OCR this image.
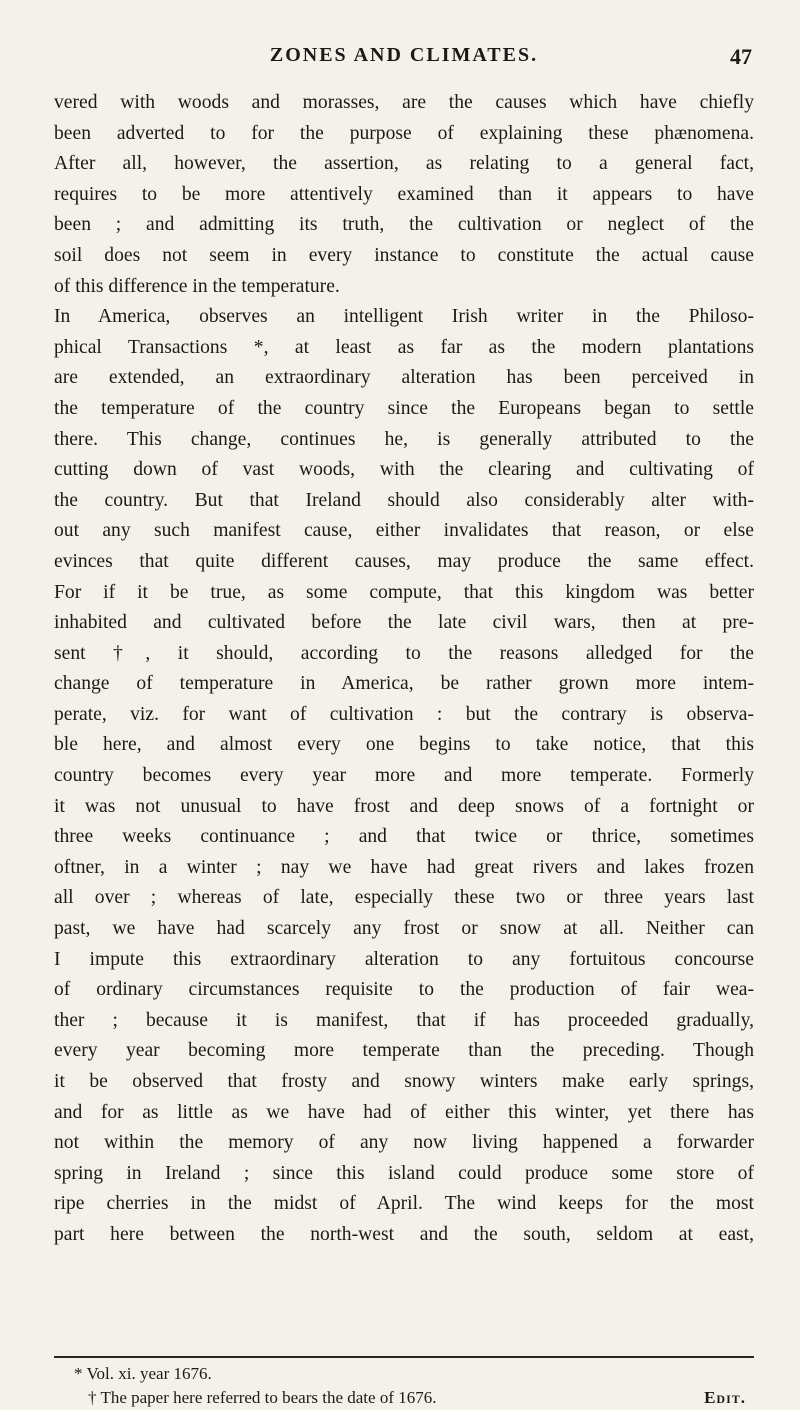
ZONES AND CLIMATES.	47
vered with woods and morasses, are the causes which have chiefly
been adverted to for the purpose of explaining these phænomena.
After all, however, the assertion, as relating to a general fact,
requires to be more attentively examined than it appears to have
been ; and admitting its truth, the cultivation or neglect of the
soil does not seem in every instance to constitute the actual cause
of this difference in the temperature.
In America, observes an intelligent Irish writer in the Philoso-
phical Transactions *, at least as far as the modern plantations
are extended, an extraordinary alteration has been perceived in
the temperature of the country since the Europeans began to settle
there. This change, continues he, is generally attributed to the
cutting down of vast woods, with the clearing and cultivating of
the country. But that Ireland should also considerably alter with-
out any such manifest cause, either invalidates that reason, or else
evinces that quite different causes, may produce the same effect.
For if it be true, as some compute, that this kingdom was better
inhabited and cultivated before the late civil wars, then at pre-
sent †, it should, according to the reasons alledged for the
change of temperature in America, be rather grown more intem-
perate, viz. for want of cultivation : but the contrary is observa-
ble here, and almost every one begins to take notice, that this
country becomes every year more and more temperate. Formerly
it was not unusual to have frost and deep snows of a fortnight or
three weeks continuance ; and that twice or thrice, sometimes
oftner, in a winter ; nay we have had great rivers and lakes frozen
all over ; whereas of late, especially these two or three years last
past, we have had scarcely any frost or snow at all. Neither can
I impute this extraordinary alteration to any fortuitous concourse
of ordinary circumstances requisite to the production of fair wea-
ther ; because it is manifest, that if has proceeded gradually,
every year becoming more temperate than the preceding. Though
it be observed that frosty and snowy winters make early springs,
and for as little as we have had of either this winter, yet there has
not within the memory of any now living happened a forwarder
spring in Ireland ; since this island could produce some store of
ripe cherries in the midst of April. The wind keeps for the most
part here between the north-west and the south, seldom at east,
* Vol. xi. year 1676.
† The paper here referred to bears the date of 1676.	Edit.
